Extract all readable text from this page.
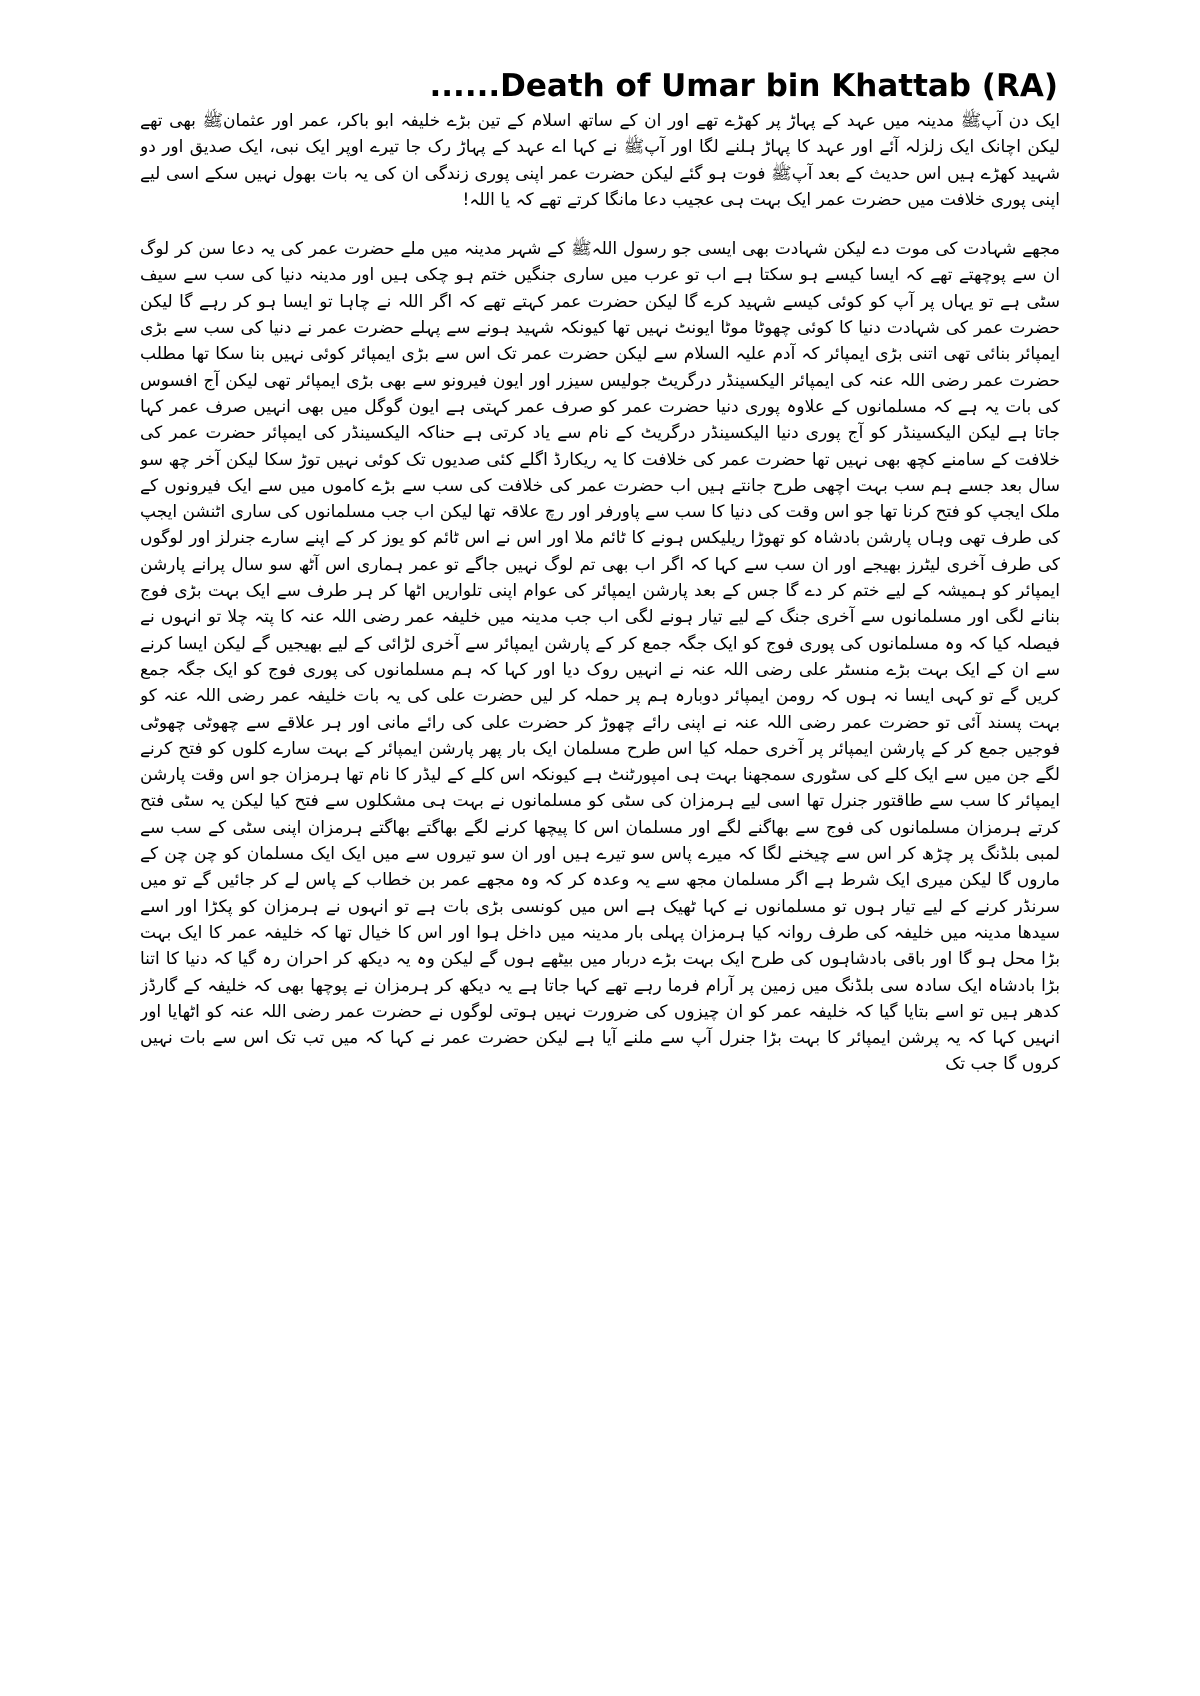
......Death of Umar bin Khattab (RA)

ایک دن آپﷺ مدینہ میں عہد کے پہاڑ پر کھڑے تھے اور ان کے ساتھ اسلام کے تین بڑے خلیفہ ابو باکر، عمر اور عثمانﷺ بھی تھے لیکن اچانک ایک زلزلہ آئے اور عہد کا پہاڑ ہلنے لگا اور آپﷺ نے کہا اے عہد کے پہاڑ رک جا تیرے اوپر ایک نبی، ایک صدیق اور دو شہید کھڑے ہیں اس حدیث کے بعد آپﷺ فوت ہو گئے لیکن حضرت عمر اپنی پوری زندگی ان کی یہ بات بھول نہیں سکے اسی لیے اپنی پوری خلافت میں حضرت عمر ایک بہت ہی عجیب دعا مانگا کرتے تھے کہ یا اللہ!

مجھے شہادت کی موت دے لیکن شہادت بھی ایسی جو رسول اللہﷺ کے شہر مدینہ میں ملے حضرت عمر کی یہ دعا سن کر لوگ ان سے پوچھتے تھے کہ ایسا کیسے ہو سکتا ہے اب تو عرب میں ساری جنگیں ختم ہو چکی ہیں اور مدینہ دنیا کی سب سے سیف سٹی ہے تو یہاں پر آپ کو کوئی کیسے شہید کرے گا لیکن حضرت عمر کہتے تھے کہ اگر اللہ نے چاہا تو ایسا ہو کر رہے گا لیکن حضرت عمر کی شہادت دنیا کا کوئی چھوٹا موٹا ایونٹ نہیں تھا کیونکہ شہید ہونے سے پہلے حضرت عمر نے دنیا کی سب سے بڑی ایمپائر بنائی تھی اتنی بڑی ایمپائر کہ آدم علیہ السلام سے لیکن حضرت عمر تک اس سے بڑی ایمپائر کوئی نہیں بنا سکا تھا مطلب حضرت عمر رضی اللہ عنہ کی ایمپائر الیکسینڈر درگریٹ جولیس سیزر اور ایون فیرونو سے بھی بڑی ایمپائر تھی لیکن آج افسوس کی بات یہ ہے کہ مسلمانوں کے علاوہ پوری دنیا حضرت عمر کو صرف عمر کہتی ہے ایون گوگل میں بھی انہیں صرف عمر کہا جاتا ہے لیکن الیکسینڈر کو آج پوری دنیا الیکسینڈر درگریٹ کے نام سے یاد کرتی ہے حناکہ الیکسینڈر کی ایمپائر حضرت عمر کی خلافت کے سامنے کچھ بھی نہیں تھا حضرت عمر کی خلافت کا یہ ریکارڈ اگلے کئی صدیوں تک کوئی نہیں توڑ سکا لیکن آخر چھ سو سال بعد جسے ہم سب بہت اچھی طرح جانتے ہیں اب حضرت عمر کی خلافت کی سب سے بڑے کاموں میں سے ایک فیرونوں کے ملک ایجپ کو فتح کرنا تھا جو اس وقت کی دنیا کا سب سے پاورفر اور رچ علاقہ تھا لیکن اب جب مسلمانوں کی ساری اٹنشن ایجپ کی طرف تھی وہاں پارشن بادشاہ کو تھوڑا ریلیکس ہونے کا ٹائم ملا اور اس نے اس ٹائم کو یوز کر کے اپنے سارے جنرلز اور لوگوں کی طرف آخری لیٹرز بھیجے اور ان سب سے کہا کہ اگر اب بھی تم لوگ نہیں جاگے تو عمر ہماری اس آٹھ سو سال پرانے پارشن ایمپائر کو ہمیشہ کے لیے ختم کر دے گا جس کے بعد پارشن ایمپائر کی عوام اپنی تلواریں اٹھا کر ہر طرف سے ایک بہت بڑی فوج بنانے لگی اور مسلمانوں سے آخری جنگ کے لیے تیار ہونے لگی اب جب مدینہ میں خلیفہ عمر رضی اللہ عنہ کا پتہ چلا تو انہوں نے فیصلہ کیا کہ وہ مسلمانوں کی پوری فوج کو ایک جگہ جمع کر کے پارشن ایمپائر سے آخری لڑائی کے لیے بھیجیں گے لیکن ایسا کرنے سے ان کے ایک بہت بڑے منسٹر علی رضی اللہ عنہ نے انہیں روک دیا اور کہا کہ ہم مسلمانوں کی پوری فوج کو ایک جگہ جمع کریں گے تو کہی ایسا نہ ہوں کہ رومن ایمپائر دوبارہ ہم پر حملہ کر لیں حضرت علی کی یہ بات خلیفہ عمر رضی اللہ عنہ کو بہت پسند آئی تو حضرت عمر رضی اللہ عنہ نے اپنی رائے چھوڑ کر حضرت علی کی رائے مانی اور ہر علاقے سے چھوٹی چھوٹی فوجیں جمع کر کے پارشن ایمپائر پر آخری حملہ کیا اس طرح مسلمان ایک بار پھر پارشن ایمپائر کے بہت سارے کلوں کو فتح کرنے لگے جن میں سے ایک کلے کی سٹوری سمجھنا بہت ہی امپورٹنٹ ہے کیونکہ اس کلے کے لیڈر کا نام تھا ہرمزان جو اس وقت پارشن ایمپائر کا سب سے طاقتور جنرل تھا اسی لیے ہرمزان کی سٹی کو مسلمانوں نے بہت ہی مشکلوں سے فتح کیا لیکن یہ سٹی فتح کرتے ہرمزان مسلمانوں کی فوج سے بھاگنے لگے اور مسلمان اس کا پیچھا کرنے لگے بھاگتے بھاگتے ہرمزان اپنی سٹی کے سب سے لمبی بلڈنگ پر چڑھ کر اس سے چیخنے لگا کہ میرے پاس سو تیرے ہیں اور ان سو تیروں سے میں ایک ایک مسلمان کو چن چن کے ماروں گا لیکن میری ایک شرط ہے اگر مسلمان مجھ سے یہ وعدہ کر کہ وہ مجھے عمر بن خطاب کے پاس لے کر جائیں گے تو میں سرنڈر کرنے کے لیے تیار ہوں تو مسلمانوں نے کہا ٹھیک ہے اس میں کونسی بڑی بات ہے تو انہوں نے ہرمزان کو پکڑا اور اسے سیدھا مدینہ میں خلیفہ کی طرف روانہ کیا ہرمزان پہلی بار مدینہ میں داخل ہوا اور اس کا خیال تھا کہ خلیفہ عمر کا ایک بہت بڑا محل ہو گا اور باقی بادشاہوں کی طرح ایک بہت بڑے دربار میں بیٹھے ہوں گے لیکن وہ یہ دیکھ کر احران رہ گیا کہ دنیا کا اتنا بڑا بادشاہ ایک سادہ سی بلڈنگ میں زمین پر آرام فرما رہے تھے کہا جاتا ہے یہ دیکھ کر ہرمزان نے پوچھا بھی کہ خلیفہ کے گارڈز کدھر ہیں تو اسے بتایا گیا کہ خلیفہ عمر کو ان چیزوں کی ضرورت نہیں ہوتی لوگوں نے حضرت عمر رضی اللہ عنہ کو اٹھایا اور انہیں کہا کہ یہ پرشن ایمپائر کا بہت بڑا جنرل آپ سے ملنے آیا ہے لیکن حضرت عمر نے کہا کہ میں تب تک اس سے بات نہیں کروں گا جب تک
